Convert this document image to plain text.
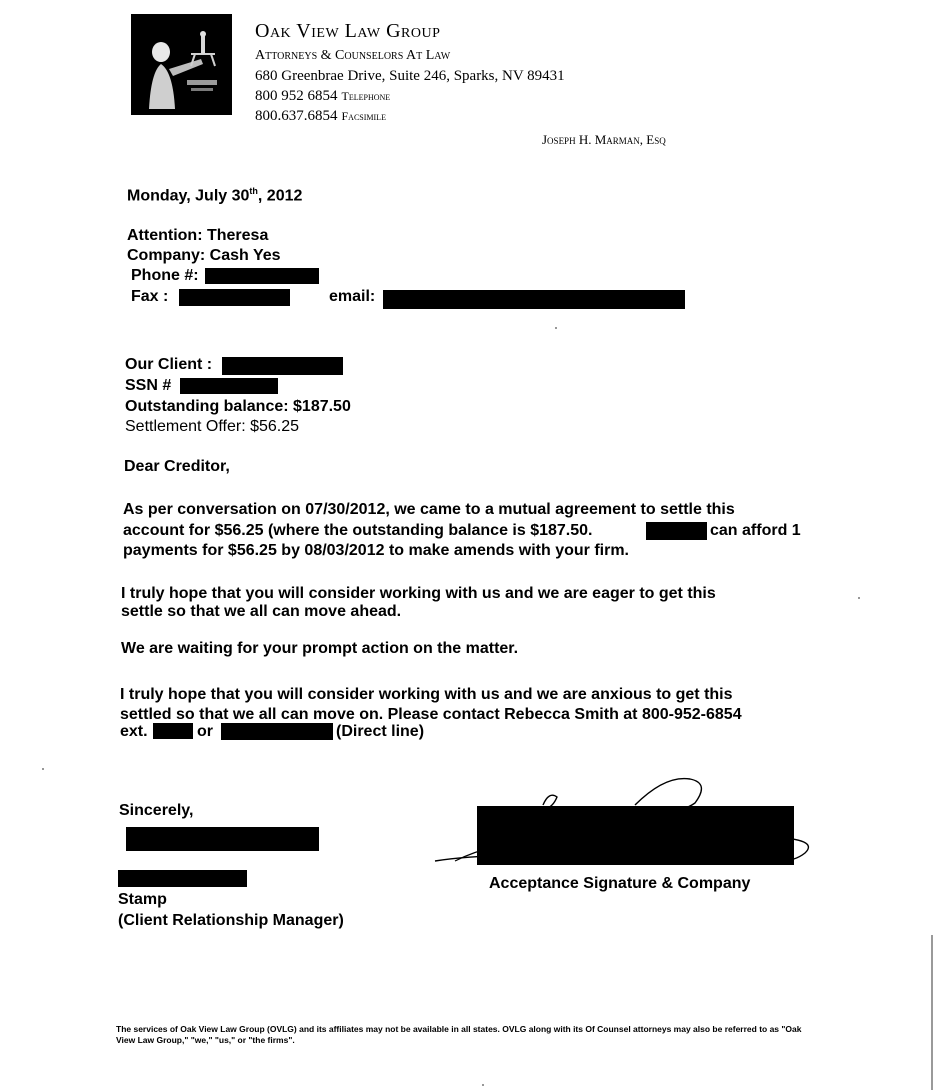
Oak View Law Group
Attorneys & Counselors At Law
680 Greenbrae Drive, Suite 246, Sparks, NV 89431
800 952 6854 Telephone
800.637.6854 Facsimile
Joseph H. Marman, Esq
Monday, July 30th, 2012
Attention: Theresa
Company: Cash Yes
Phone #:
Fax :	email:
Our Client :
SSN #
Outstanding balance: $187.50
Settlement Offer: $56.25
Dear Creditor,
As per conversation on 07/30/2012, we came to a mutual agreement to settle this
account for $56.25 (where the outstanding balance is $187.50.	can afford 1
payments for $56.25 by 08/03/2012 to make amends with your firm.
I truly hope that you will consider working with us and we are eager to get this
settle so that we all can move ahead.
We are waiting for your prompt action on the matter.
I truly hope that you will consider working with us and we are anxious to get this
settled so that we all can move on. Please contact Rebecca Smith at 800-952-6854
ext.	or	(Direct line)
Sincerely,
Stamp
(Client Relationship Manager)
Acceptance Signature & Company
The services of Oak View Law Group (OVLG) and its affiliates may not be available in all states. OVLG along with its Of Counsel attorneys may also be referred to as "Oak View Law Group," "we," "us," or "the firms".
